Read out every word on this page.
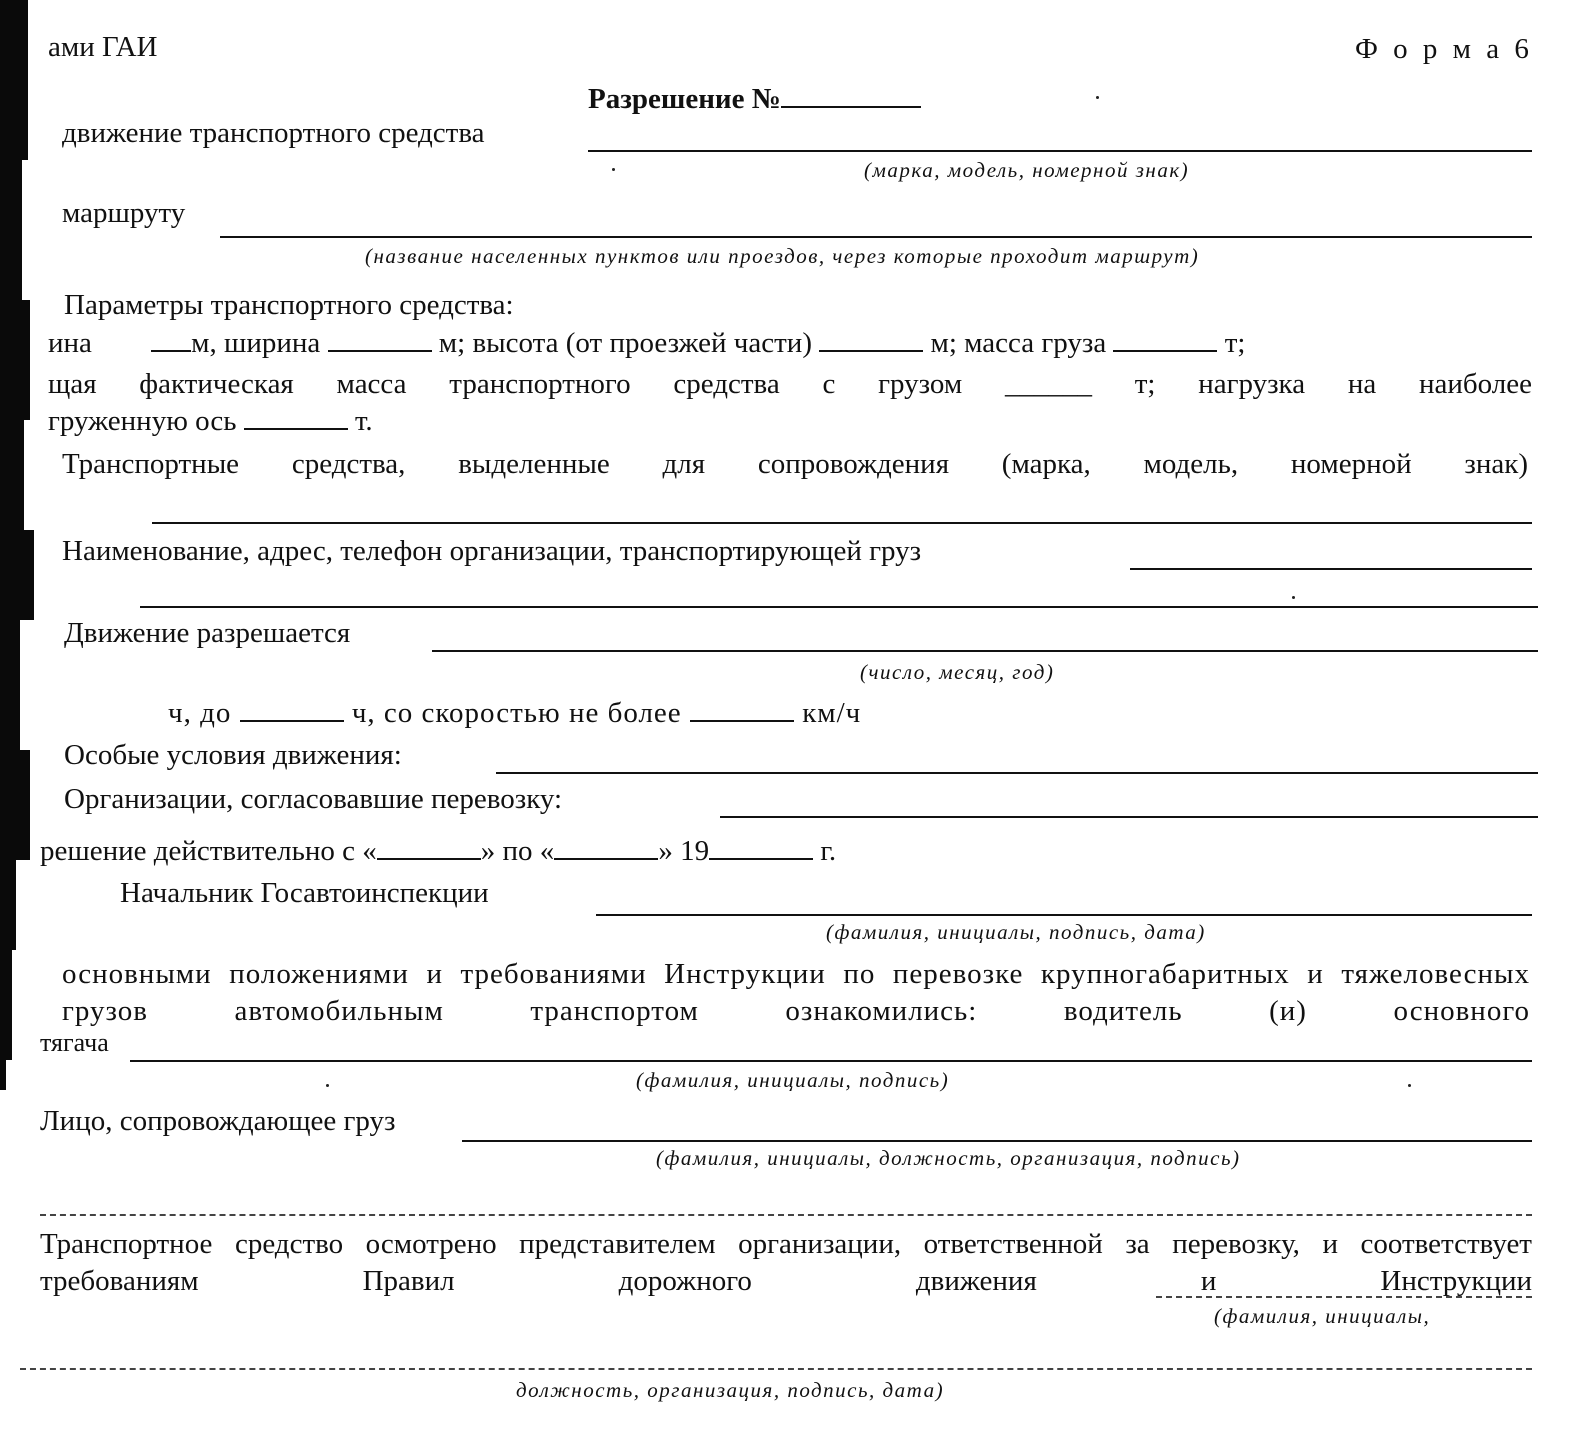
ами ГАИ	Ф о р м а 6
Разрешение №
движение транспортного средства
(марка, модель, номерной знак)
маршруту
(название населенных пунктов или проездов, через которые проходит маршрут)
Параметры транспортного средства:
ина	м, ширина	м; высота (от проезжей части)	м; масса груза	т;
щая фактическая масса транспортного средства с грузом ______ т; нагрузка на наиболее
груженную ось	т.
Транспортные средства, выделенные для сопровождения (марка, модель, номерной знак)
Наименование, адрес, телефон организации, транспортирующей груз
Движение разрешается
(число, месяц, год)
ч, до	ч, со скоростью не более	км/ч
Особые условия движения:
Организации, согласовавшие перевозку:
решение действительно с «	» по «	» 19	г.
Начальник Госавтоинспекции
(фамилия, инициалы, подпись, дата)
основными положениями и требованиями Инструкции по перевозке крупногабаритных и тяжеловесных грузов автомобильным транспортом ознакомились: водитель (и) основного
тягача
(фамилия, инициалы, подпись)
Лицо, сопровождающее груз
(фамилия, инициалы, должность, организация, подпись)
Транспортное средство осмотрено представителем организации, ответственной за перевозку, и соответствует требованиям Правил дорожного движения и Инструкции
(фамилия, инициалы,
должность, организация, подпись, дата)
